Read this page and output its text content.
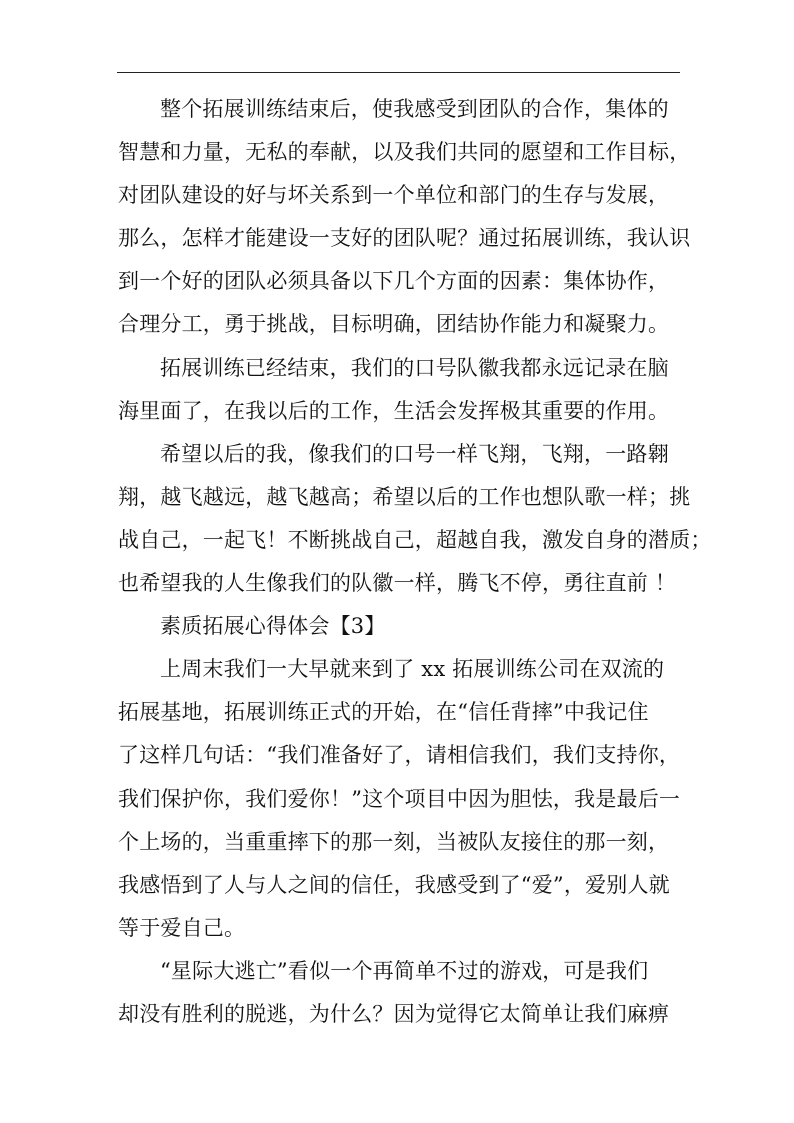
整个拓展训练结束后，使我感受到团队的合作，集体的
智慧和力量，无私的奉献，以及我们共同的愿望和工作目标，
对团队建设的好与坏关系到一个单位和部门的生存与发展，
那么，怎样才能建设一支好的团队呢？通过拓展训练，我认识
到一个好的团队必须具备以下几个方面的因素：集体协作，
合理分工，勇于挑战，目标明确，团结协作能力和凝聚力。
拓展训练已经结束，我们的口号队徽我都永远记录在脑
海里面了，在我以后的工作，生活会发挥极其重要的作用。
希望以后的我，像我们的口号一样飞翔，飞翔，一路翱
翔，越飞越远，越飞越高；希望以后的工作也想队歌一样；挑
战自己，一起飞！不断挑战自己，超越自我，激发自身的潜质；
也希望我的人生像我们的队徽一样，腾飞不停，勇往直前 ！
素质拓展心得体会【3】
上周末我们一大早就来到了 xx 拓展训练公司在双流的
拓展基地，拓展训练正式的开始，在“信任背摔”中我记住
了这样几句话：“我们准备好了，请相信我们，我们支持你，
我们保护你，我们爱你！”这个项目中因为胆怯，我是最后一
个上场的，当重重摔下的那一刻，当被队友接住的那一刻，
我感悟到了人与人之间的信任，我感受到了“爱”，爱别人就
等于爱自己。
“星际大逃亡”看似一个再简单不过的游戏，可是我们
却没有胜利的脱逃，为什么？因为觉得它太简单让我们麻痹
